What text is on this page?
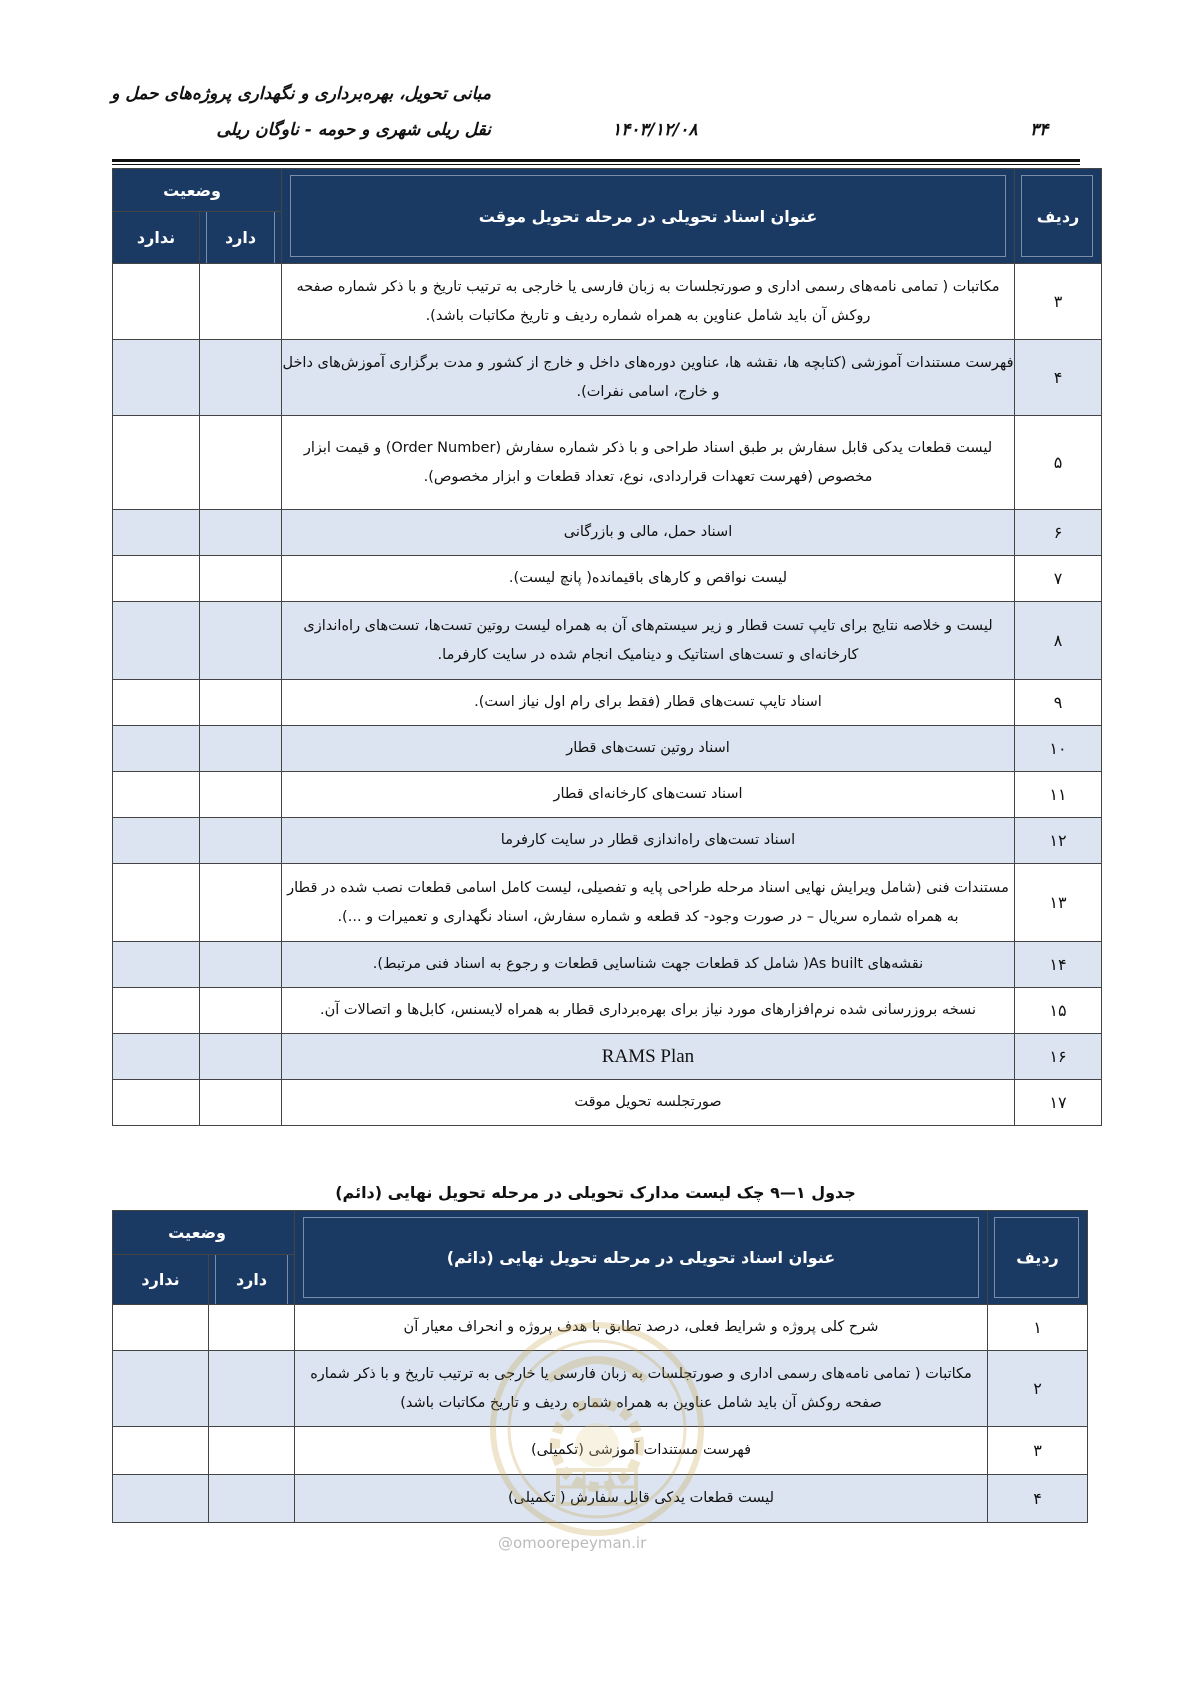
مبانی تحویل، بهره‌برداری و نگهداری پروژه‌های حمل و
نقل ریلی شهری و حومه - ناوگان ریلی	۱۴۰۳/۱۲/۰۸	۳۴
ردیف	عنوان اسناد تحویلی در مرحله تحویل موقت	وضعیت	

دارد	ندارد
۳	مکاتبات ( تمامی نامه‌های رسمی اداری و صورتجلسات به زبان فارسی یا خارجی به ترتیب تاریخ و با ذکر شماره صفحه روکش آن باید شامل عناوین به همراه شماره ردیف و تاریخ مکاتبات باشد).		
۴	فهرست مستندات آموزشی (کتابچه ها، نقشه ها، عناوین دوره‌های داخل و خارج از کشور و مدت برگزاری آموزش‌های داخل و خارج، اسامی نفرات).		
۵	لیست قطعات یدکی قابل سفارش بر طبق اسناد طراحی و با ذکر شماره سفارش (Order Number) و قیمت ابزار مخصوص (فهرست تعهدات قراردادی، نوع، تعداد قطعات و ابزار مخصوص).		
۶	اسناد حمل، مالی و بازرگانی		
۷	لیست نواقص و کارهای باقیمانده( پانچ لیست).		
۸	لیست و خلاصه نتایج برای تایپ تست قطار و زیر سیستم‌های آن به همراه لیست روتین تست‌ها، تست‌های راه‌اندازی کارخانه‌ای و تست‌های استاتیک و دینامیک انجام شده در سایت کارفرما.		
۹	اسناد تایپ تست‌های قطار (فقط برای رام اول نیاز است).		
۱۰	اسناد روتین تست‌های قطار		
۱۱	اسناد تست‌های کارخانه‌ای قطار		
۱۲	اسناد تست‌های راه‌اندازی قطار در سایت کارفرما		
۱۳	مستندات فنی (شامل ویرایش نهایی اسناد مرحله طراحی پایه و تفصیلی، لیست کامل اسامی قطعات نصب شده در قطار به همراه شماره سریال – در صورت وجود- کد قطعه و شماره سفارش، اسناد نگهداری و تعمیرات و ...).		
۱۴	نقشه‌های As built( شامل کد قطعات جهت شناسایی قطعات و رجوع به اسناد فنی مرتبط).		
۱۵	نسخه بروزرسانی شده نرم‌افزارهای مورد نیاز برای بهره‌برداری قطار به همراه لایسنس، کابل‌ها و اتصالات آن.		
۱۶	RAMS Plan		
۱۷	صورتجلسه تحویل موقت		
جدول ۱—۹ چک لیست مدارک تحویلی در مرحله تحویل نهایی (دائم)
ردیف	عنوان اسناد تحویلی در مرحله تحویل نهایی (دائم)	وضعیت	

دارد	ندارد
۱	شرح کلی پروژه و شرایط فعلی، درصد تطابق با هدف پروژه و انحراف معیار آن		
۲	مکاتبات ( تمامی نامه‌های رسمی اداری و صورتجلسات به زبان فارسی یا خارجی به ترتیب تاریخ و با ذکر شماره صفحه روکش آن باید شامل عناوین به همراه شماره ردیف و تاریخ مکاتبات باشد)		
۳	فهرست مستندات آموزشی (تکمیلی)		
۴	لیست قطعات یدکی قابل سفارش ( تکمیلی)		
@omoorepeyman.ir
